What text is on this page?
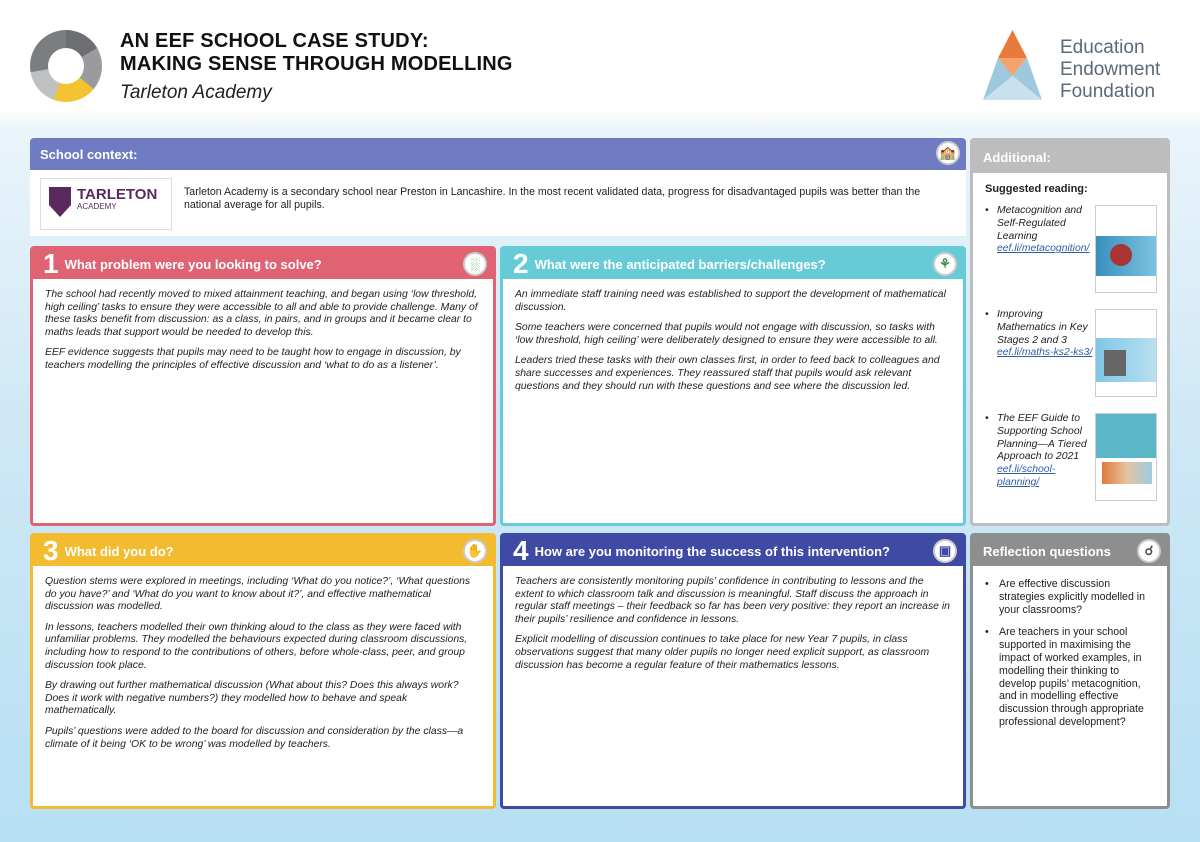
AN EEF SCHOOL CASE STUDY:
MAKING SENSE THROUGH MODELLING
Tarleton Academy
Education
Endowment
Foundation
School context:	🏫
TARLETON
ACADEMY
Tarleton Academy is a secondary school near Preston in Lancashire. In the most recent validated data, progress for disadvantaged pupils was better than the national average for all pupils.
1 What problem were you looking to solve?	░

The school had recently moved to mixed attainment teaching, and began using ‘low threshold, high ceiling’ tasks to ensure they were accessible to all and able to provide challenge. Many of these tasks benefit from discussion: as a class, in pairs, and in groups and it became clear to maths leads that support would be needed to develop this.

EEF evidence suggests that pupils may need to be taught how to engage in discussion, by teachers modelling the principles of effective discussion and ‘what to do as a listener’.

2 What were the anticipated barriers/challenges?	⚘

An immediate staff training need was established to support the development of mathematical discussion.

Some teachers were concerned that pupils would not engage with discussion, so tasks with ‘low threshold, high ceiling’ were deliberately designed to ensure they were accessible to all.

Leaders tried these tasks with their own classes first, in order to feed back to colleagues and share successes and experiences. They reassured staff that pupils would ask relevant questions and they should run with these questions and see where the discussion led.

3 What did you do?	✋

Question stems were explored in meetings, including ‘What do you notice?’, ‘What questions do you have?’ and ‘What do you want to know about it?’, and effective mathematical discussion was modelled.

In lessons, teachers modelled their own thinking aloud to the class as they were faced with unfamiliar problems. They modelled the behaviours expected during classroom discussions, including how to respond to the contributions of others, before whole-class, peer, and group discussion took place.

By drawing out further mathematical discussion (What about this? Does this always work? Does it work with negative numbers?) they modelled how to behave and speak mathematically.

Pupils’ questions were added to the board for discussion and consideration by the class—a climate of it being ‘OK to be wrong’ was modelled by teachers.

4 How are you monitoring the success of this intervention?	▣

Teachers are consistently monitoring pupils’ confidence in contributing to lessons and the extent to which classroom talk and discussion is meaningful. Staff discuss the approach in regular staff meetings – their feedback so far has been very positive: they report an increase in their pupils’ resilience and confidence in lessons.

Explicit modelling of discussion continues to take place for new Year 7 pupils, in class observations suggest that many older pupils no longer need explicit support, as classroom discussion has become a regular feature of their mathematics lessons.

Additional:
Suggested reading:
• Metacognition and Self-Regulated Learning
eef.li/metacognition/
• Improving Mathematics in Key Stages 2 and 3
eef.li/maths-ks2-ks3/
• The EEF Guide to Supporting School Planning—A Tiered Approach to 2021
eef.li/school-planning/
Reflection questions	☌
• Are effective discussion strategies explicitly modelled in your classrooms?
• Are teachers in your school supported in maximising the impact of worked examples, in modelling their thinking to develop pupils’ metacognition, and in modelling effective discussion through appropriate professional development?
